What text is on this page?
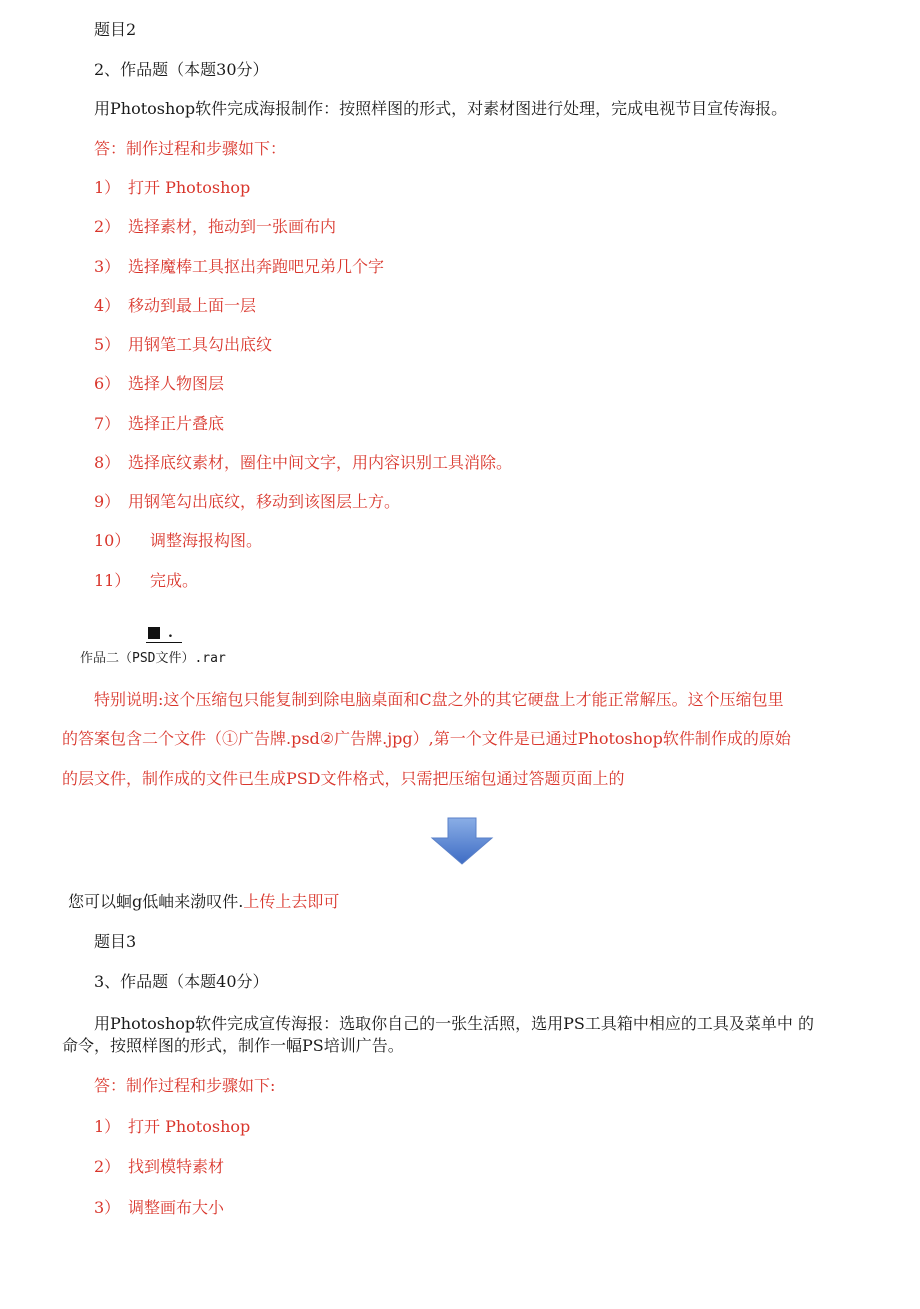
题目2
2、作品题（本题30分）
用Photoshop软件完成海报制作：按照样图的形式，对素材图进行处理，完成电视节目宣传海报。
答：制作过程和步骤如下：
1） 打开 Photoshop
2） 选择素材，拖动到一张画布内
3） 选择魔棒工具抠出奔跑吧兄弟几个字
4） 移动到最上面一层
5） 用钢笔工具勾出底纹
6） 选择人物图层
7） 选择正片叠底
8） 选择底纹素材，圈住中间文字，用内容识别工具消除。
9） 用钢笔勾出底纹，移动到该图层上方。
10） 调整海报构图。
11） 完成。
.
作品二（PSD文件）.rar
特别说明:这个压缩包只能复制到除电脑桌面和C盘之外的其它硬盘上才能正常解压。这个压缩包里
的答案包含二个文件（①广告牌.psd②广告牌.jpg）,第一个文件是已通过Photoshop软件制作成的原始
的层文件，制作成的文件已生成PSD文件格式，只需把压缩包通过答题页面上的
您可以蛔g低岫来渤叹件.上传上去即可
题目3
3、作品题（本题40分）
用Photoshop软件完成宣传海报：选取你自己的一张生活照，选用PS工具箱中相应的工具及菜单中 的
命令，按照样图的形式，制作一幅PS培训广告。
答：制作过程和步骤如下:
1） 打开 Photoshop
2） 找到模特素材
3） 调整画布大小
